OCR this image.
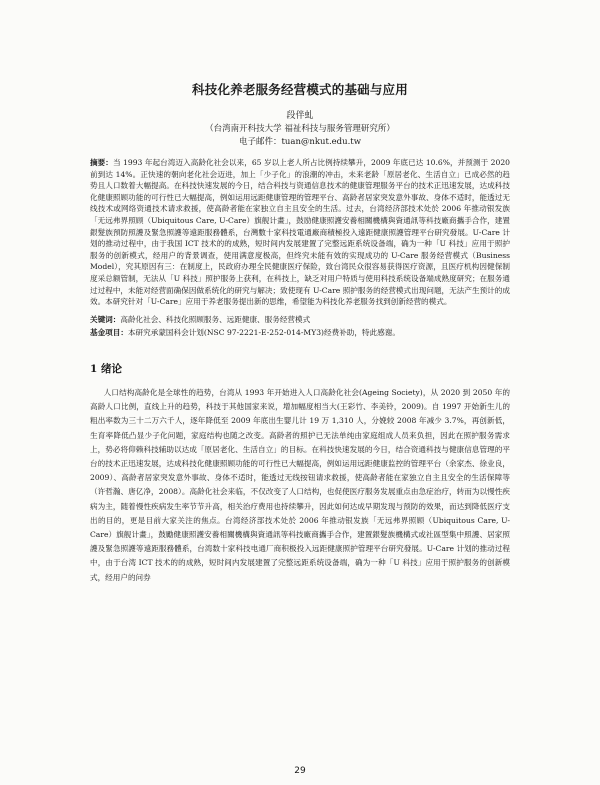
科技化养老服务经营模式的基础与应用
段伴虬
（台湾南开科技大学 福祉科技与服务管理研究所）
电子邮件：tuan@nkut.edu.tw

摘要：当 1993 年起台湾迈入高龄化社会以来，65 岁以上老人所占比例持续攀升，2009 年底已达 10.6%，并预测于 2020 前到达 14%。正快速的朝向老化社会迈进，加上「少子化」的浪潮的冲击，未来老龄「原居老化、生活自立」已成必然的趋势且人口数着大幅提高。在科技快速发展的今日，结合科技与资通信息技术的健康管理服务平台的技术正迅速发展，达成科技化健康照顾功能的可行性已大幅提高，例如运用远距健康管理的管理平台、高龄者居家突发意外事故、身体不适时，能透过无线技术或网络资通技术请求救援，使高龄者能在家独立自主且安全的生活。过去，台湾经济部技术处於 2006 年推动银发族「无远弗界照顾（Ubiquitous Care, U-Care）旗舰计畫」，鼓励健康照護安養相關機構與資通訊等科技廠商攜手合作，建置銀髮族預防照護及緊急照護等遠距服務體系，台灣數十家科技電通廠商積極投入遠距健康照護管理平台研究發展。U-Care 计划的推动过程中，由于我国 ICT 技术的的成熟，短时间内发展建置了完整远距系统设备端，确为一种「U 科技」应用于照护服务的创新模式，经用户的背景调查，使用满意度极高，但终究未能有效的实现成功的 U-Care 服务经营模式（Business Model），究其原因有三：在制度上，民政府办理全民健康医疗保险，致台湾民众很容易获得医疗资源，且医疗机构因健保制度采总额管制，无法从「U 科技」照护服务上获利，在科技上，缺乏对用户特质与使用科技系统设备端成熟度研究；在服务通过过程中，未能对经营面确保因做系统化的研究与解决；致使现有 U-Care 照护服务的经营模式出现问题，无法产生预计的成效。本研究针对「U-Care」应用于养老服务提出新的思维，希望能为科技化养老服务找到创新经营的模式。

关键词：高龄化社会、科技化照顾服务、远距健康、服务经营模式

基金项目：本研究承蒙国科会计划(NSC 97-2221-E-252-014-MY3)经费补助，特此感谢。

1 绪论

人口结构高龄化是全球性的趋势，台湾从 1993 年开始进入人口高龄化社会(Ageing Society)，从 2020 到 2050 年的高龄人口比例，直线上升的趋势，科技于其他国家来说，增加幅度相当大(王彩竹、李美铃，2009)。自 1997 开始新生儿的粗出率数为三十二万六千人，逐年降低至 2009 年底出生婴儿计 19 万 1,310 人，分娩较 2008 年减少 3.7%，再创新低，生育率降低凸显少子化问题，家庭结构也随之改变。高龄者的照护已无法单纯由家庭组成人员来负担，因此在照护服务需求上，势必将仰赖科技辅助以达成「原居老化、生活自立」的目标。在科技快速发展的今日，结合资通科技与健康信息管理的平台的技术正迅速发展，达成科技化健康照顾功能的可行性已大幅提高，例如运用远距健康监控的管理平台（余家杰、徐业良，2009）、高龄者居家突发意外事故、身体不适时，能透过无线按钮请求救援，使高龄者能在家独立自主且安全的生活保障等（许哲瀚、唐亿净，2008）。高龄化社会来临，不仅改变了人口结构，也促使医疗服务发展重点由急症治疗，转而为以慢性疾病为主，随着慢性疾病发生率节节升高，相关治疗费用也持续攀升，因此如何达成早期发现与预防的效果，而达到降低医疗支出的目的，更是目前大家关注的焦点。台湾经济部技术处於 2006 年推动银发族「无远弗界照顾（Ubiquitous Care, U-Care）旗舰计畫」，鼓勵健康照護安養相關機構與資通訊等科技廠商攜手合作，建置銀髮族機構式或社區型集中照護、居家照護及緊急照護等遠距服務體系，台湾数十家科技电通厂商积极投入远距健康照护管理平台研究發展。U-Care 计划的推动过程中，由于台湾 ICT 技术的的成熟，短时间内发展建置了完整远距系统设备端，确为一种「U 科技」应用于照护服务的创新模式，经用户的问券

29
